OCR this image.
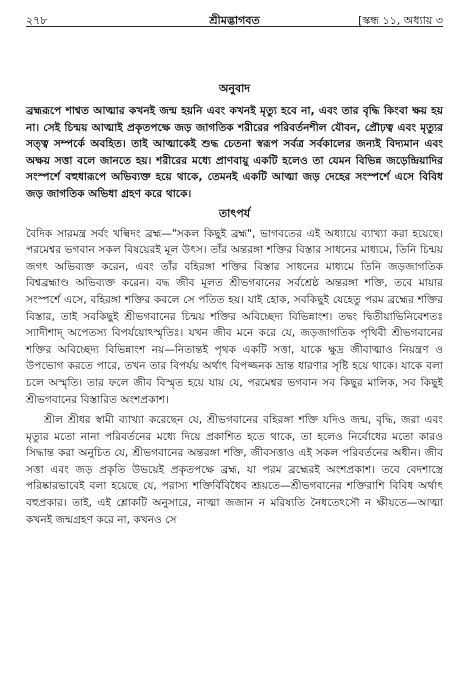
২৭৮	শ্রীমদ্ভাগবত	[স্কন্ধ ১১, অধ্যায় ৩
অনুবাদ

ব্রহ্মরূপে শাশ্বত আত্মার কখনই জন্ম হয়নি এবং কখনই মৃত্যু হবে না, এবং তার বৃদ্ধি কিংবা ক্ষয় হয় না। সেই চিন্ময় আত্মাই প্রকৃতপক্ষে জড় জাগতিক শরীরের পরিবর্তনশীল যৌবন, প্রৌঢ়ত্ব এবং মৃত্যুর সত্ত্ব সম্পর্কে অবহিত। তাই আত্মাকেই শুদ্ধ চেতনা স্বরূপ সর্বত্র সর্বকালের জন্যই বিদ্যমান এবং অক্ষয় সত্তা বলে জানতে হয়। শরীরের মধ্যে প্রাণবায়ু একটি হলেও তা যেমন বিভিন্ন জড়েন্দ্রিয়াদির সংস্পর্শে বহুধারূপে অভিব্যক্ত হয়ে থাকে, তেমনই একটি আত্মা জড় দেহের সংস্পর্শে এসে বিবিধ জড় জাগতিক অভিধা গ্রহণ করে থাকে।

তাৎপর্য

বৈদিক সারমন্ত্র সর্বং খল্বিদং ব্রহ্ম—"সকল কিছুই ব্রহ্ম", ভাগবতের এই অধ্যায়ে ব্যাখ্যা করা হয়েছে। পরমেশ্বর ভগবান সকল বিষয়েরই মূল উৎস। তাঁর অন্তরঙ্গা শক্তির বিস্তার সাধনের মাধ্যমে, তিনি চিন্ময় জগৎ অভিব্যক্ত করেন, এবং তাঁর বহিরঙ্গা শক্তির বিস্তার সাধনের মাধ্যমে তিনি জড়জাগতিক বিশ্বব্রহ্মাণ্ড অভিব্যক্ত করেন। বদ্ধ জীব মূলত শ্রীভগবানের সর্বশ্রেষ্ঠ অন্তরঙ্গা শক্তি, তবে মায়ার সংস্পর্শে এসে, বহিরঙ্গা শক্তির কবলে সে পতিত হয়। যাই হোক, সবকিছুই যেহেতু পরম ব্রহ্মের শক্তির বিস্তার, তাই সবকিছুই শ্রীভগবানের চিন্ময় শক্তির অবিচ্ছেদ্য বিভিন্নাংশ। তদ্বং দ্বিতীয়াভিনিবেশতঃ স্যাদীশাদ্ অপেতস্য বিপর্যয়োঽস্মৃতিঃ। যখন জীব মনে করে যে, জড়জাগতিক পৃথিবী শ্রীভগবানের শক্তির অবিচ্ছেদ্য বিভিন্নাংশ নয়—নিতান্তই পৃথক একটি সত্তা, যাকে ক্ষুদ্র জীবাত্মাও নিয়ন্ত্রণ ও উপভোগ করতে পারে, তখন তার বিপর্যয় অর্থাৎ বিপজ্জনক ভ্রান্ত ধারণার সৃষ্টি হয়ে থাকে। যাকে বলা চলে অস্মৃতি। তার ফলে জীব বিস্মৃত হয়ে যায় যে, পরমেশ্বর ভগবান সব কিছুর মালিক, সব কিছুই শ্রীভগবানের বিস্তারিত অংশপ্রকাশ।

শ্রীল শ্রীধর স্বামী ব্যাখ্যা করেছেন যে, শ্রীভগবানের বহিরঙ্গা শক্তি যদিও জন্ম, বৃদ্ধি, জরা এবং মৃত্যুর মতো নানা পরিবর্তনের মধ্যে দিয়ে প্রকাশিত হতে থাকে, তা হলেও নির্বোধের মতো কারও সিদ্ধান্ত করা অনুচিত যে, শ্রীভগবানের অন্তরঙ্গা শক্তি, জীবসত্তাও এই সকল পরিবর্তনের অধীন। জীব সত্তা এবং জড় প্রকৃতি উভয়েই প্রকৃতপক্ষে ব্রহ্ম, যা পরম ব্রহ্মেরই অংশপ্রকাশ। তবে বেদশাস্ত্রে পরিষ্কারভাবেই বলা হয়েছে যে, পরাস্য শক্তির্বিবিধৈব শ্রূয়তে—শ্রীভগবানের শক্তিরাশি বিবিধ অর্থাৎ বহুপ্রকার। তাই, এই শ্লোকটি অনুসারে, নাত্মা জজান ন মরিষ্যতি নৈধতেঽসৌ ন ক্ষীয়তে—আত্মা কখনই জন্মগ্রহণ করে না, কখনও সে
